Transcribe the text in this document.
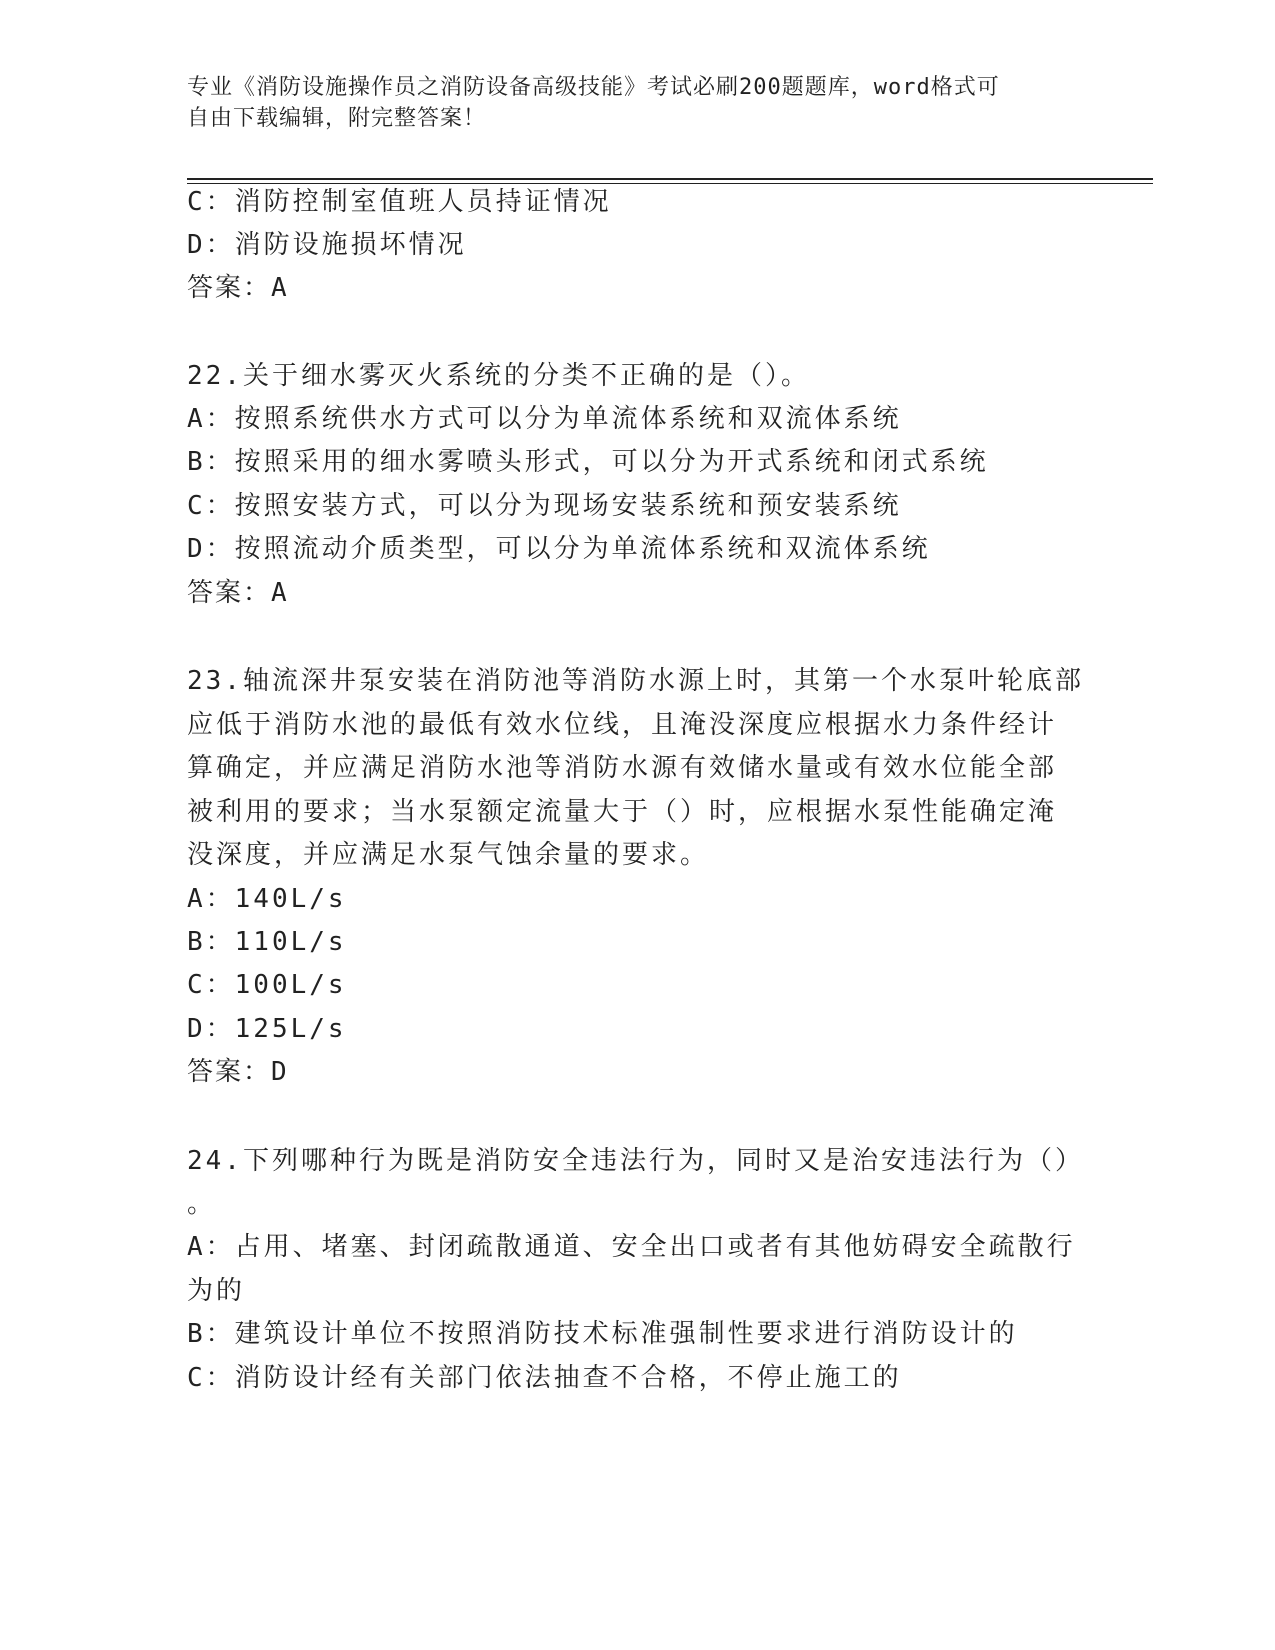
专业《消防设施操作员之消防设备高级技能》考试必刷200题题库，word格式可
自由下载编辑，附完整答案！
C：消防控制室值班人员持证情况
D：消防设施损坏情况
答案：A
22.关于细水雾灭火系统的分类不正确的是（）。
A：按照系统供水方式可以分为单流体系统和双流体系统
B：按照采用的细水雾喷头形式，可以分为开式系统和闭式系统
C：按照安装方式，可以分为现场安装系统和预安装系统
D：按照流动介质类型，可以分为单流体系统和双流体系统
答案：A
23.轴流深井泵安装在消防池等消防水源上时，其第一个水泵叶轮底部
应低于消防水池的最低有效水位线，且淹没深度应根据水力条件经计
算确定，并应满足消防水池等消防水源有效储水量或有效水位能全部
被利用的要求；当水泵额定流量大于（）时，应根据水泵性能确定淹
没深度，并应满足水泵气蚀余量的要求。
A：140L/s
B：110L/s
C：100L/s
D：125L/s
答案：D
24.下列哪种行为既是消防安全违法行为，同时又是治安违法行为（）
。
A：占用、堵塞、封闭疏散通道、安全出口或者有其他妨碍安全疏散行
为的
B：建筑设计单位不按照消防技术标准强制性要求进行消防设计的
C：消防设计经有关部门依法抽查不合格，不停止施工的
